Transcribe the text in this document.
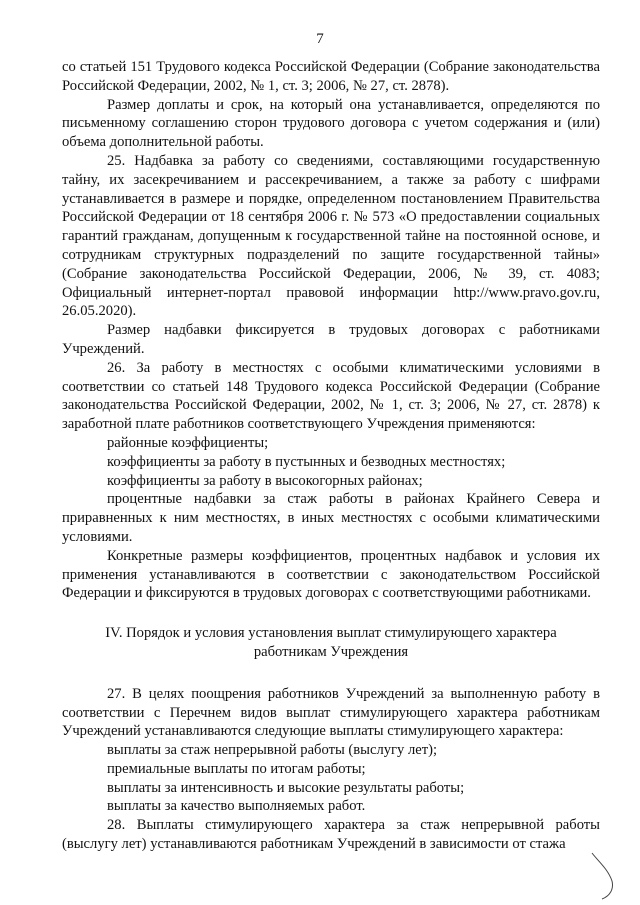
7

со статьей 151 Трудового кодекса Российской Федерации (Собрание законодательства Российской Федерации, 2002, № 1, ст. 3; 2006, № 27, ст. 2878).

Размер доплаты и срок, на который она устанавливается, определяются по письменному соглашению сторон трудового договора с учетом содержания и (или) объема дополнительной работы.

25. Надбавка за работу со сведениями, составляющими государственную тайну, их засекречиванием и рассекречиванием, а также за работу с шифрами устанавливается в размере и порядке, определенном постановлением Правительства Российской Федерации от 18 сентября 2006 г. № 573 «О предоставлении социальных гарантий гражданам, допущенным к государственной тайне на постоянной основе, и сотрудникам структурных подразделений по защите государственной тайны» (Собрание законодательства Российской Федерации, 2006, № 39, ст. 4083; Официальный интернет-портал правовой информации http://www.pravo.gov.ru, 26.05.2020).

Размер надбавки фиксируется в трудовых договорах с работниками Учреждений.

26. За работу в местностях с особыми климатическими условиями в соответствии со статьей 148 Трудового кодекса Российской Федерации (Собрание законодательства Российской Федерации, 2002, № 1, ст. 3; 2006, № 27, ст. 2878) к заработной плате работников соответствующего Учреждения применяются:

районные коэффициенты;

коэффициенты за работу в пустынных и безводных местностях;

коэффициенты за работу в высокогорных районах;

процентные надбавки за стаж работы в районах Крайнего Севера и приравненных к ним местностях, в иных местностях с особыми климатическими условиями.

Конкретные размеры коэффициентов, процентных надбавок и условия их применения устанавливаются в соответствии с законодательством Российской Федерации и фиксируются в трудовых договорах с соответствующими работниками.

IV. Порядок и условия установления выплат стимулирующего характера работникам Учреждения

27. В целях поощрения работников Учреждений за выполненную работу в соответствии с Перечнем видов выплат стимулирующего характера работникам Учреждений устанавливаются следующие выплаты стимулирующего характера:

выплаты за стаж непрерывной работы (выслугу лет);

премиальные выплаты по итогам работы;

выплаты за интенсивность и высокие результаты работы;

выплаты за качество выполняемых работ.

28. Выплаты стимулирующего характера за стаж непрерывной работы (выслугу лет) устанавливаются работникам Учреждений в зависимости от стажа
